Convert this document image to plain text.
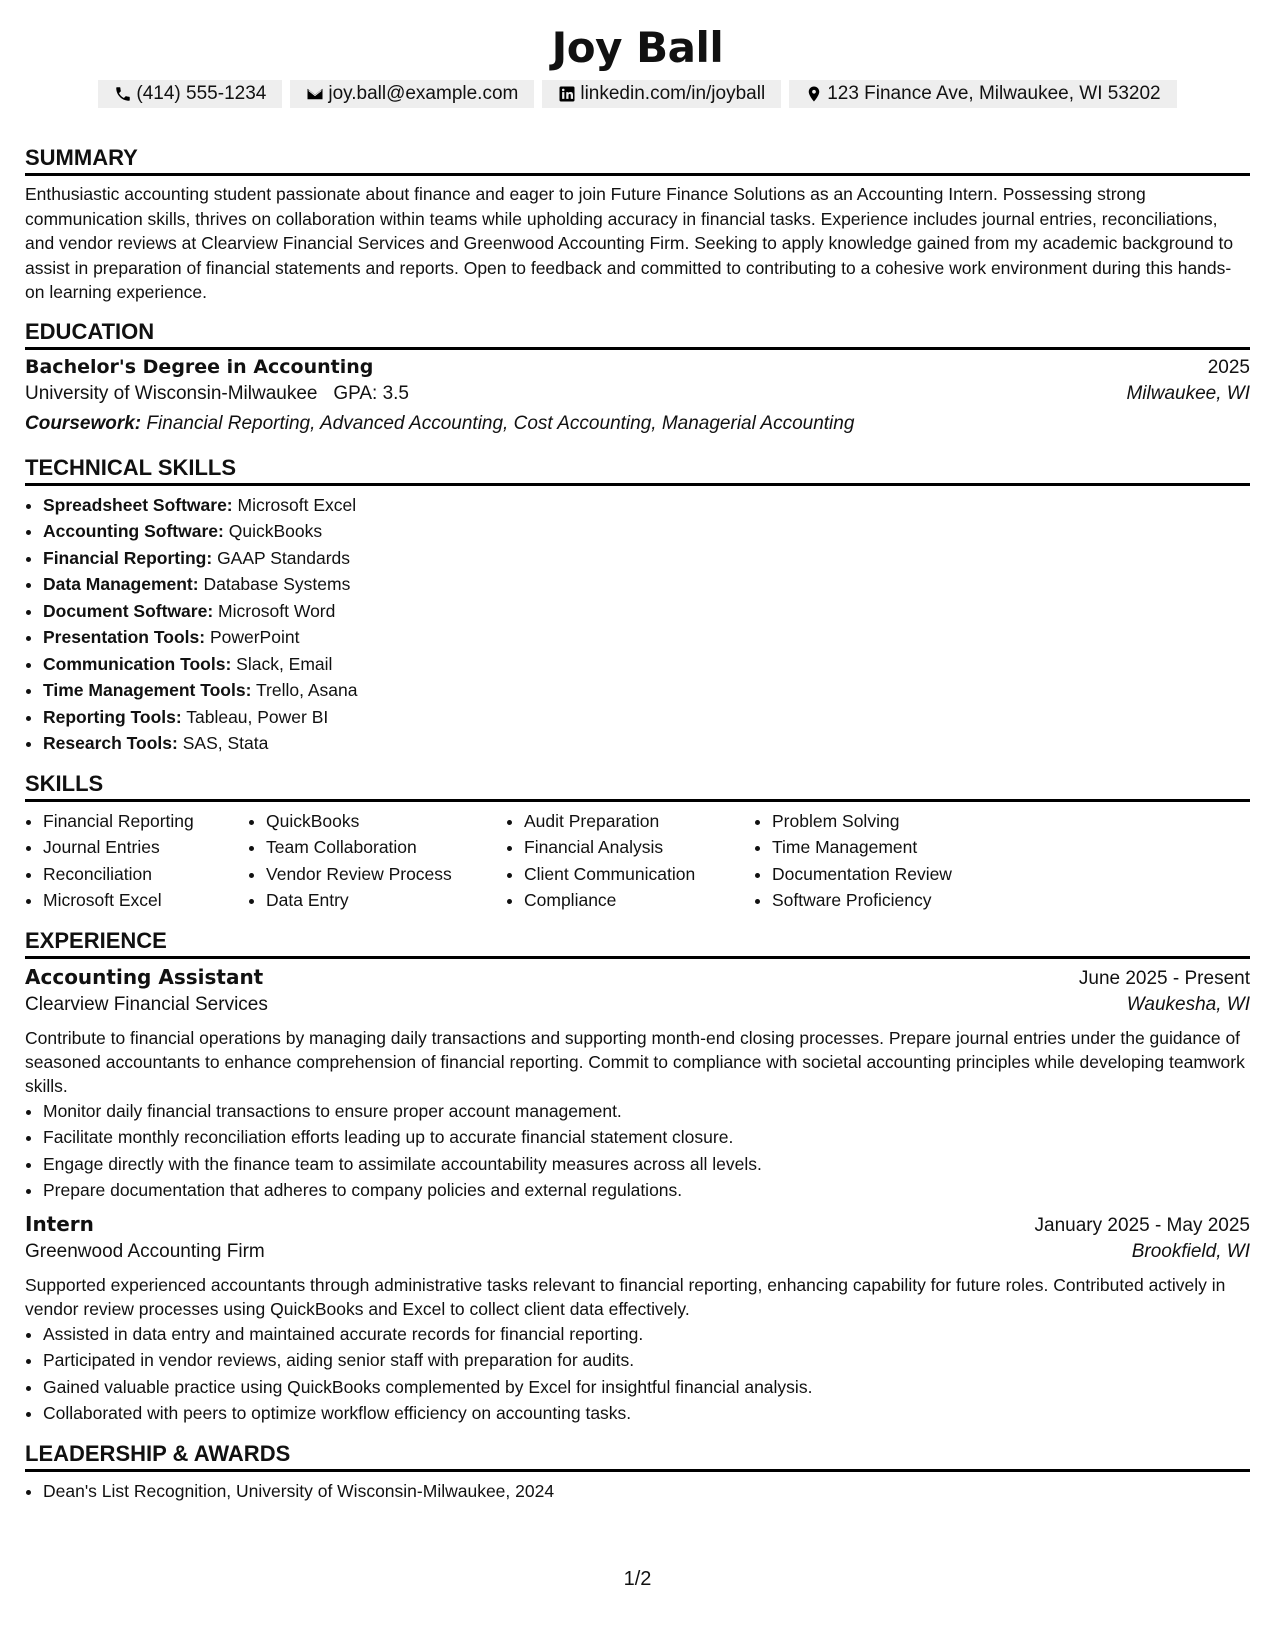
Joy Ball
(414) 555-1234	joy.ball@example.com	linkedin.com/in/joyball	123 Finance Ave, Milwaukee, WI 53202
SUMMARY
Enthusiastic accounting student passionate about finance and eager to join Future Finance Solutions as an Accounting Intern. Possessing strong communication skills, thrives on collaboration within teams while upholding accuracy in financial tasks. Experience includes journal entries, reconciliations, and vendor reviews at Clearview Financial Services and Greenwood Accounting Firm. Seeking to apply knowledge gained from my academic background to assist in preparation of financial statements and reports. Open to feedback and committed to contributing to a cohesive work environment during this hands-on learning experience.
EDUCATION
Bachelor's Degree in Accounting	2025
University of Wisconsin-Milwaukee GPA: 3.5	Milwaukee, WI
Coursework: Financial Reporting, Advanced Accounting, Cost Accounting, Managerial Accounting
TECHNICAL SKILLS
• Spreadsheet Software: Microsoft Excel
• Accounting Software: QuickBooks
• Financial Reporting: GAAP Standards
• Data Management: Database Systems
• Document Software: Microsoft Word
• Presentation Tools: PowerPoint
• Communication Tools: Slack, Email
• Time Management Tools: Trello, Asana
• Reporting Tools: Tableau, Power BI
• Research Tools: SAS, Stata
SKILLS
• Financial Reporting
• Journal Entries
• Reconciliation
• Microsoft Excel
• QuickBooks
• Team Collaboration
• Vendor Review Process
• Data Entry
• Audit Preparation
• Financial Analysis
• Client Communication
• Compliance
• Problem Solving
• Time Management
• Documentation Review
• Software Proficiency
EXPERIENCE
Accounting Assistant	June 2025 - Present
Clearview Financial Services	Waukesha, WI
Contribute to financial operations by managing daily transactions and supporting month-end closing processes. Prepare journal entries under the guidance of seasoned accountants to enhance comprehension of financial reporting. Commit to compliance with societal accounting principles while developing teamwork skills.
• Monitor daily financial transactions to ensure proper account management.
• Facilitate monthly reconciliation efforts leading up to accurate financial statement closure.
• Engage directly with the finance team to assimilate accountability measures across all levels.
• Prepare documentation that adheres to company policies and external regulations.
Intern	January 2025 - May 2025
Greenwood Accounting Firm	Brookfield, WI
Supported experienced accountants through administrative tasks relevant to financial reporting, enhancing capability for future roles. Contributed actively in vendor review processes using QuickBooks and Excel to collect client data effectively.
• Assisted in data entry and maintained accurate records for financial reporting.
• Participated in vendor reviews, aiding senior staff with preparation for audits.
• Gained valuable practice using QuickBooks complemented by Excel for insightful financial analysis.
• Collaborated with peers to optimize workflow efficiency on accounting tasks.
LEADERSHIP & AWARDS
• Dean's List Recognition, University of Wisconsin-Milwaukee, 2024
1/2
